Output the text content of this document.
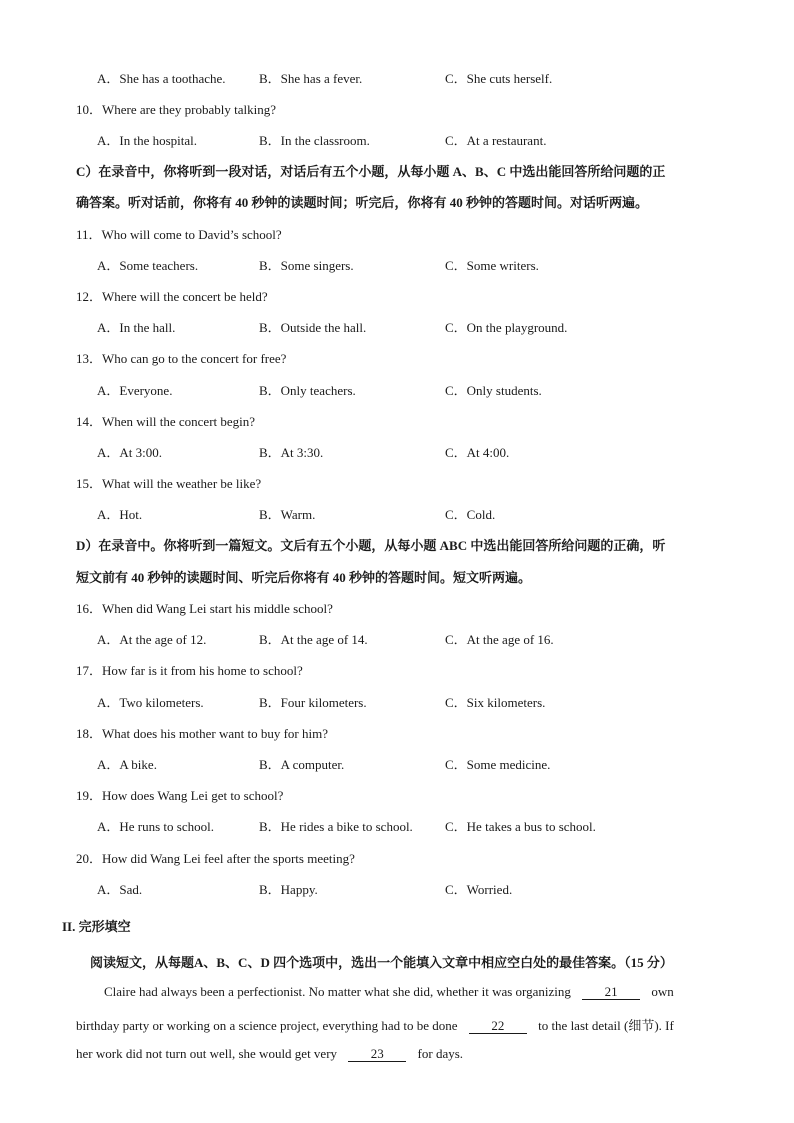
A．She has a toothache.	B．She has a fever.	C．She cuts herself.
10．Where are they probably talking?
A．In the hospital.	B．In the classroom.	C．At a restaurant.
C）在录音中，你将听到一段对话，对话后有五个小题，从每小题 A、B、C 中选出能回答所给问题的正
确答案。听对话前，你将有 40 秒钟的读题时间；听完后，你将有 40 秒钟的答题时间。对话听两遍。
11．Who will come to David’s school?
A．Some teachers.	B．Some singers.	C．Some writers.
12．Where will the concert be held?
A．In the hall.	B．Outside the hall.	C．On the playground.
13．Who can go to the concert for free?
A．Everyone.	B．Only teachers.	C．Only students.
14．When will the concert begin?
A．At 3:00.	B．At 3:30.	C．At 4:00.
15．What will the weather be like?
A．Hot.	B．Warm.	C．Cold.
D）在录音中。你将听到一篇短文。文后有五个小题，从每小题 ABC 中选出能回答所给问题的正确，听
短文前有 40 秒钟的读题时间、听完后你将有 40 秒钟的答题时间。短文听两遍。
16．When did Wang Lei start his middle school?
A．At the age of 12.	B．At the age of 14.	C．At the age of 16.
17．How far is it from his home to school?
A．Two kilometers.	B．Four kilometers.	C．Six kilometers.
18．What does his mother want to buy for him?
A．A bike.	B．A computer.	C．Some medicine.
19．How does Wang Lei get to school?
A．He runs to school.	B．He rides a bike to school. C．He takes a bus to school.
20．How did Wang Lei feel after the sports meeting?
A．Sad.	B．Happy.	C．Worried.
II. 完形填空
阅读短文，从每题A、B、C、D 四个选项中，选出一个能填入文章中相应空白处的最佳答案。（15 分）
Claire had always been a perfectionist. No matter what she did, whether it was organizing	21	own
birthday party or working on a science project, everything had to be done	22	to the last detail (细节). If
her work did not turn out well, she would get very	23	for days.
